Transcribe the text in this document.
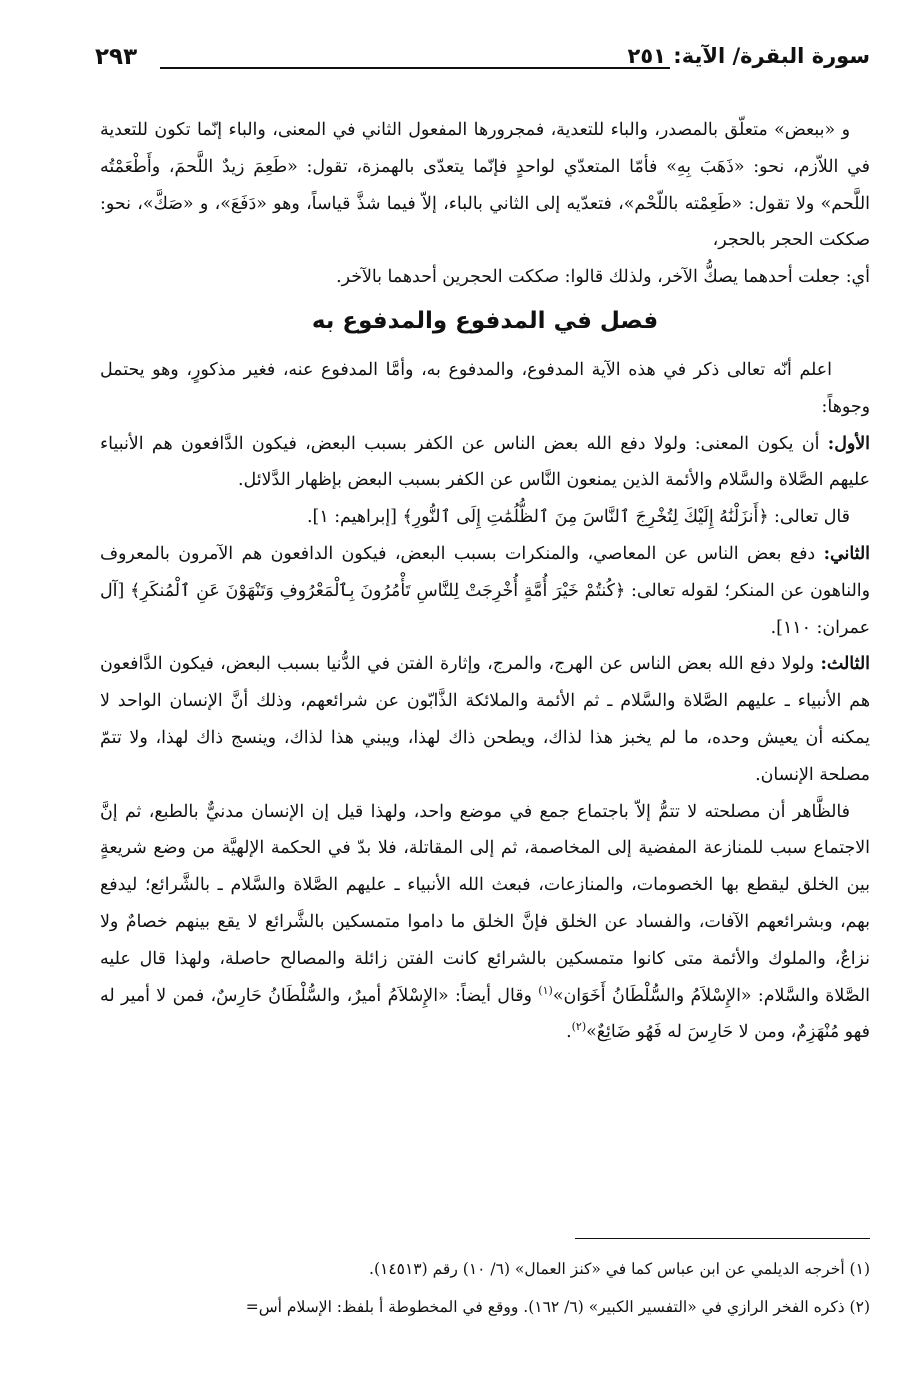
سورة البقرة/ الآية: ٢٥١
٢٩٣

و «ببعض» متعلّق بالمصدر، والباء للتعدية، فمجرورها المفعول الثاني في المعنى، والباء إنّما تكون للتعدية في اللاّزم، نحو: «ذَهَبَ بِهِ» فأمّا المتعدّي لواحدٍ فإنّما يتعدّى بالهمزة، تقول: «طَعِمَ زيدٌ اللَّحمَ، وأَطْعَمْتُه اللَّحم» ولا تقول: «طَعِمْته باللّحْم»، فتعدّيه إلى الثاني بالباء، إلاّ فيما شذَّ قياساً، وهو «دَفَعَ»، و «صَكَّ»، نحو: صككت الحجر بالحجر،

أي: جعلت أحدهما يصكُّ الآخر، ولذلك قالوا: صككت الحجرين أحدهما بالآخر.

فصل في المدفوع والمدفوع به

اعلم أنّه تعالى ذكر في هذه الآية المدفوع، والمدفوع به، وأمَّا المدفوع عنه، فغير مذكورٍ، وهو يحتمل وجوهاً:

الأول: أن يكون المعنى: ولولا دفع الله بعض الناس عن الكفر بسبب البعض، فيكون الدَّافعون هم الأنبياء عليهم الصَّلاة والسَّلام والأئمة الذين يمنعون النَّاس عن الكفر بسبب البعض بإظهار الدَّلائل.

قال تعالى: ﴿أَنزَلْنَٰهُ إِلَيْكَ لِتُخْرِجَ ٱلنَّاسَ مِنَ ٱلظُّلُمَٰتِ إِلَى ٱلنُّورِ﴾ [إبراهيم: ١].

الثاني: دفع بعض الناس عن المعاصي، والمنكرات بسبب البعض، فيكون الدافعون هم الآمرون بالمعروف والناهون عن المنكر؛ لقوله تعالى: ﴿كُنتُمْ خَيْرَ أُمَّةٍ أُخْرِجَتْ لِلنَّاسِ تَأْمُرُونَ بِٱلْمَعْرُوفِ وَتَنْهَوْنَ عَنِ ٱلْمُنكَرِ﴾ [آل عمران: ١١٠].

الثالث: ولولا دفع الله بعض الناس عن الهرج، والمرج، وإثارة الفتن في الدُّنيا بسبب البعض، فيكون الدَّافعون هم الأنبياء ـ عليهم الصَّلاة والسَّلام ـ ثم الأئمة والملائكة الذَّابّون عن شرائعهم، وذلك أنَّ الإنسان الواحد لا يمكنه أن يعيش وحده، ما لم يخبز هذا لذاك، ويطحن ذاك لهذا، ويبني هذا لذاك، وينسج ذاك لهذا، ولا تتمّ مصلحة الإنسان.

فالظَّاهر أن مصلحته لا تتمُّ إلاّ باجتماع جمع في موضع واحد، ولهذا قيل إن الإنسان مدنيٌّ بالطبع، ثم إنَّ الاجتماع سبب للمنازعة المفضية إلى المخاصمة، ثم إلى المقاتلة، فلا بدّ في الحكمة الإلهيَّة من وضع شريعةٍ بين الخلق ليقطع بها الخصومات، والمنازعات، فبعث الله الأنبياء ـ عليهم الصَّلاة والسَّلام ـ بالشَّرائع؛ ليدفع بهم، وبشرائعهم الآفات، والفساد عن الخلق فإنَّ الخلق ما داموا متمسكين بالشَّرائع لا يقع بينهم خصامٌ ولا نزاعٌ، والملوك والأئمة متى كانوا متمسكين بالشرائع كانت الفتن زائلة والمصالح حاصلة، ولهذا قال عليه الصَّلاة والسَّلام: «الإِسْلاَمُ والسُّلْطَانُ أَخَوَان»$^{(١)}$ وقال أيضاً: «الإِسْلاَمُ أميرٌ، والسُّلْطَانُ حَارِسٌ، فمن لا أمير له فهو مُنْهَزِمٌ، ومن لا حَارِسَ له فَهُو ضَائِعٌ»$^{(٢)}$.

(١) أخرجه الديلمي عن ابن عباس كما في «كنز العمال» (٦/ ١٠) رقم (١٤٥١٣).

(٢) ذكره الفخر الرازي في «التفسير الكبير» (٦/ ١٦٢). ووقع في المخطوطة أ بلفظ: الإسلام أس=
